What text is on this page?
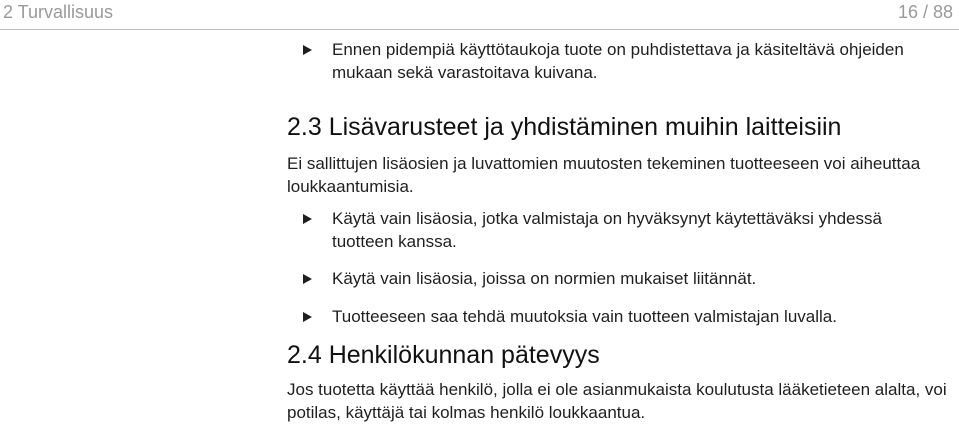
2 Turvallisuus	16 / 88
Ennen pidempiä käyttötaukoja tuote on puhdistettava ja käsiteltävä ohjeiden mukaan sekä varastoitava kuivana.
2.3 Lisävarusteet ja yhdistäminen muihin laitteisiin
Ei sallittujen lisäosien ja luvattomien muutosten tekeminen tuotteeseen voi aiheuttaa loukkaantumisia.
Käytä vain lisäosia, jotka valmistaja on hyväksynyt käytettäväksi yhdessä tuotteen kanssa.
Käytä vain lisäosia, joissa on normien mukaiset liitännät.
Tuotteeseen saa tehdä muutoksia vain tuotteen valmistajan luvalla.
2.4 Henkilökunnan pätevyys
Jos tuotetta käyttää henkilö, jolla ei ole asianmukaista koulutusta lääketieteen alalta, voi potilas, käyttäjä tai kolmas henkilö loukkaantua.
